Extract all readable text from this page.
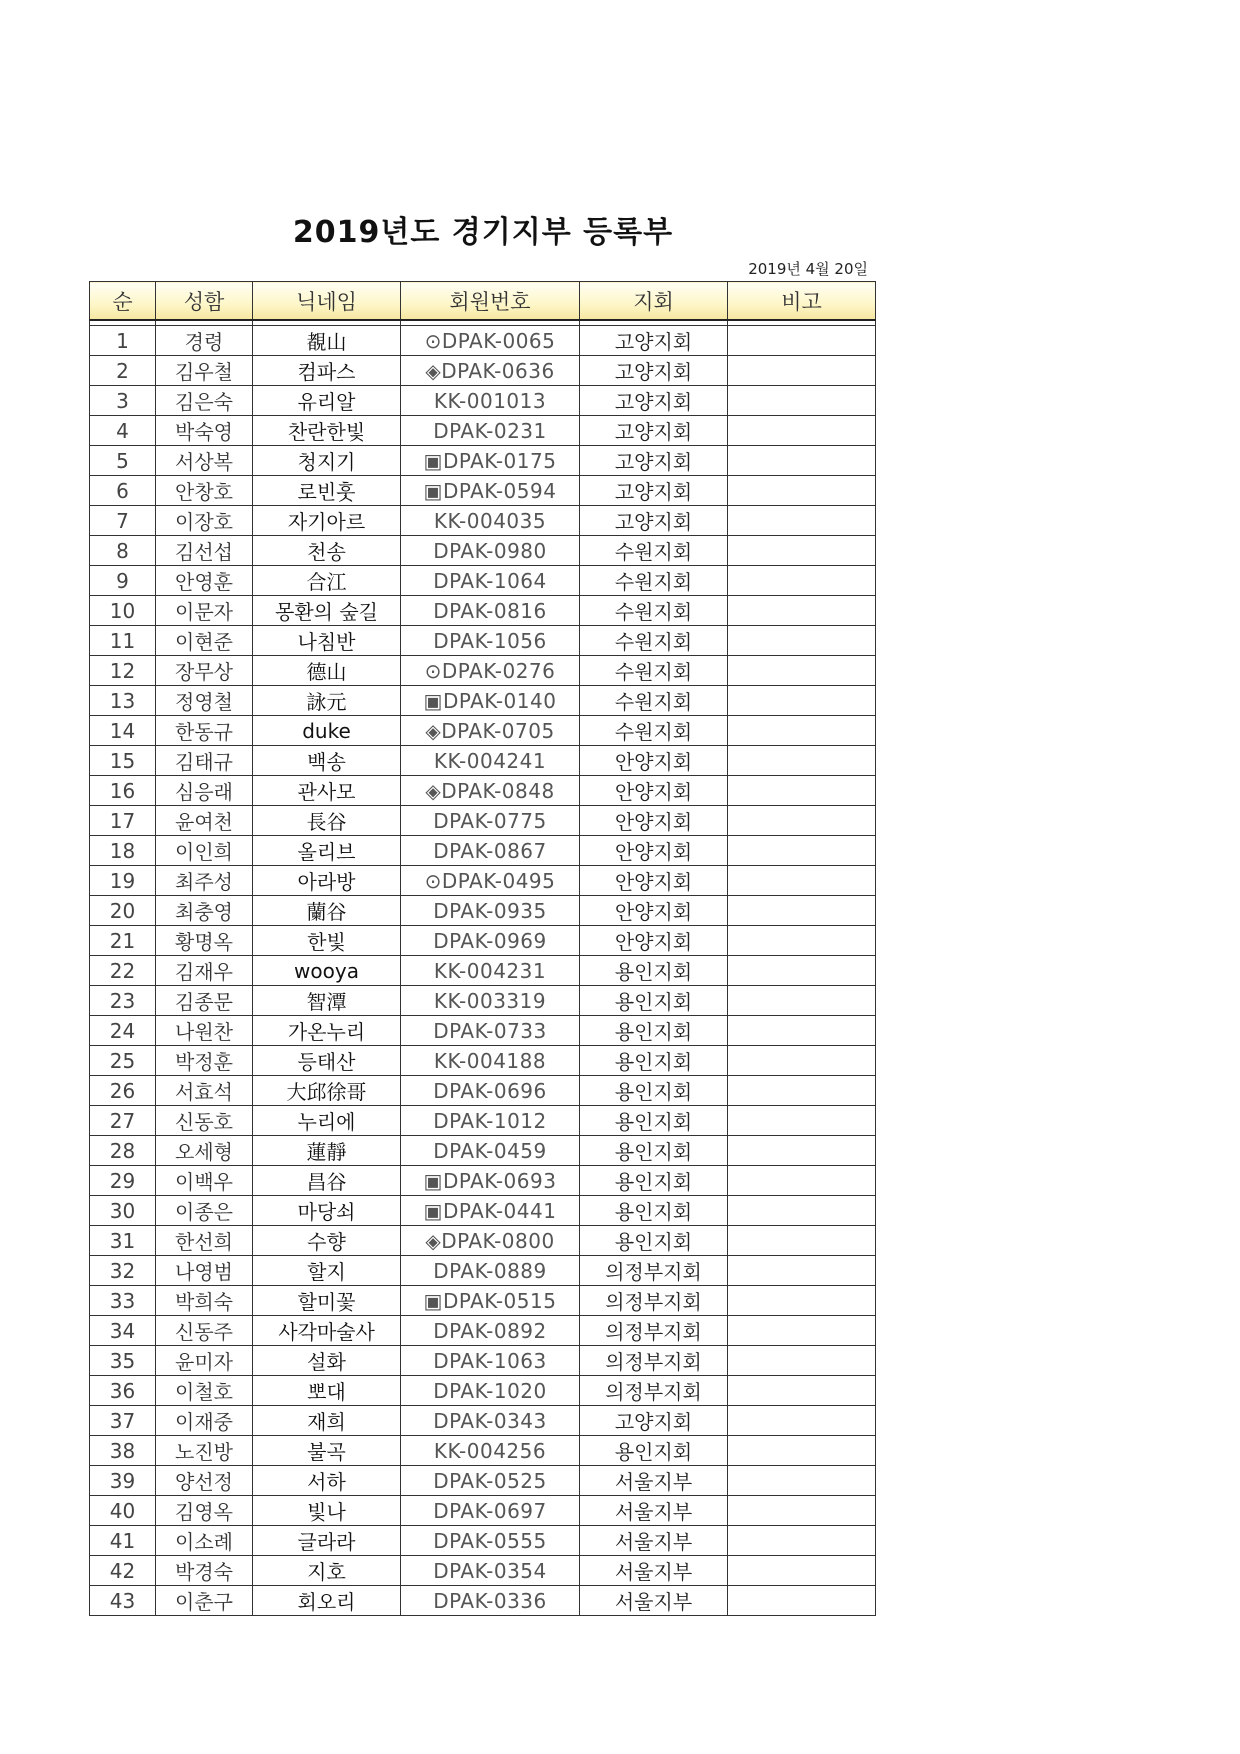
2019년도 경기지부 등록부
2019년 4월 20일
순	성함	닉네임	회원번호	지회	비고

1	경령	覩山	⊙DPAK-0065	고양지회	
2	김우철	컴파스	◈DPAK-0636	고양지회	
3	김은숙	유리알	KK-001013	고양지회	
4	박숙영	찬란한빛	DPAK-0231	고양지회	
5	서상복	청지기	▣DPAK-0175	고양지회	
6	안창호	로빈훗	▣DPAK-0594	고양지회	
7	이장호	자기아르	KK-004035	고양지회	
8	김선섭	천송	DPAK-0980	수원지회	
9	안영훈	合江	DPAK-1064	수원지회	
10	이문자	몽환의 숲길	DPAK-0816	수원지회	
11	이현준	나침반	DPAK-1056	수원지회	
12	장무상	德山	⊙DPAK-0276	수원지회	
13	정영철	詠元	▣DPAK-0140	수원지회	
14	한동규	duke	◈DPAK-0705	수원지회	
15	김태규	백송	KK-004241	안양지회	
16	심응래	관사모	◈DPAK-0848	안양지회	
17	윤여천	長谷	DPAK-0775	안양지회	
18	이인희	올리브	DPAK-0867	안양지회	
19	최주성	아라방	⊙DPAK-0495	안양지회	
20	최충영	蘭谷	DPAK-0935	안양지회	
21	황명옥	한빛	DPAK-0969	안양지회	
22	김재우	wooya	KK-004231	용인지회	
23	김종문	智潭	KK-003319	용인지회	
24	나원찬	가온누리	DPAK-0733	용인지회	
25	박정훈	등태산	KK-004188	용인지회	
26	서효석	大邱徐哥	DPAK-0696	용인지회	
27	신동호	누리에	DPAK-1012	용인지회	
28	오세형	蓮靜	DPAK-0459	용인지회	
29	이백우	昌谷	▣DPAK-0693	용인지회	
30	이종은	마당쇠	▣DPAK-0441	용인지회	
31	한선희	수향	◈DPAK-0800	용인지회	
32	나영범	할지	DPAK-0889	의정부지회	
33	박희숙	할미꽃	▣DPAK-0515	의정부지회	
34	신동주	사각마술사	DPAK-0892	의정부지회	
35	윤미자	설화	DPAK-1063	의정부지회	
36	이철호	뽀대	DPAK-1020	의정부지회	
37	이재중	재희	DPAK-0343	고양지회	
38	노진방	불곡	KK-004256	용인지회	
39	양선정	서하	DPAK-0525	서울지부	
40	김영옥	빛나	DPAK-0697	서울지부	
41	이소례	글라라	DPAK-0555	서울지부	
42	박경숙	지호	DPAK-0354	서울지부	
43	이춘구	회오리	DPAK-0336	서울지부	
